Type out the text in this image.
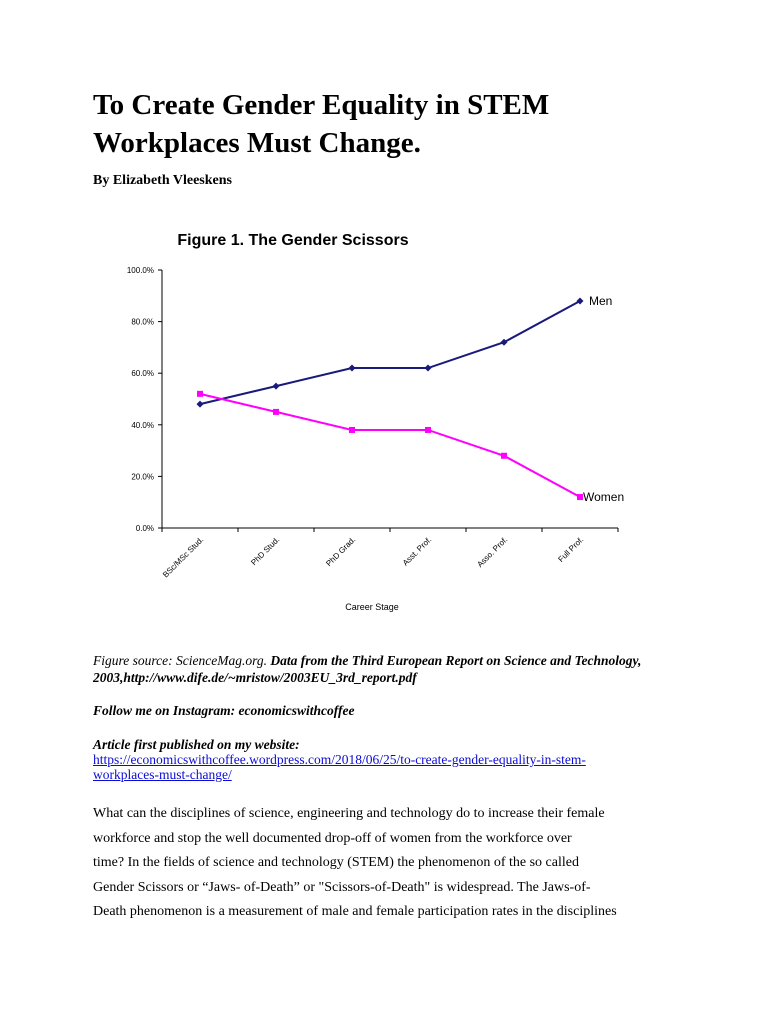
To Create Gender Equality in STEM
Workplaces Must Change.

By Elizabeth Vleeskens

Figure 1. The Gender Scissors
0.0%
20.0%
40.0%
60.0%
80.0%
100.0%
BSc/MSc Stud.	PhD Stud.	PhD Grad.	Asst. Prof.	Asso. Prof.	Full Prof.
Career Stage
Men
Women

Figure source: ScienceMag.org. Data from the Third European Report on Science and Technology, 2003,http://www.dife.de/~mristow/2003EU_3rd_report.pdf

Follow me on Instagram: economicswithcoffee

Article first published on my website:
https://economicswithcoffee.wordpress.com/2018/06/25/to-create-gender-equality-in-stem-
workplaces-must-change/

What can the disciplines of science, engineering and technology do to increase their female
workforce and stop the well documented drop-off of women from the workforce over
time? In the fields of science and technology (STEM) the phenomenon of the so called
Gender Scissors or “Jaws- of-Death” or "Scissors-of-Death" is widespread. The Jaws-of-
Death phenomenon is a measurement of male and female participation rates in the disciplines
